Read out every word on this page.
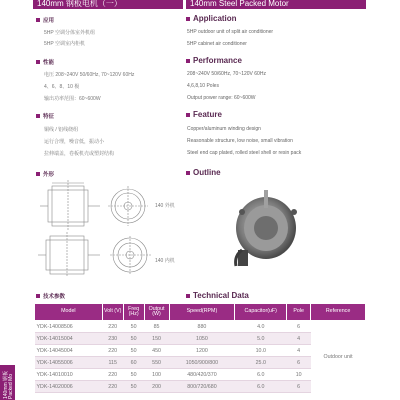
140mm 钢板电机（一）	140mm Steel Packed Motor
应用	Application
5HP 空调分体室外机组
5HP 空调室内柜机
5HP outdoor unit of split air conditioner
5HP cabinet air conditioner
性能	Performance
电压 208~240V 50/60Hz, 70~120V 60Hz
4、6、8、10 极
输出功率范围：60~600W
208~240V 50/60Hz, 70~120V 60Hz
4,6,8,10 Poles
Output power range: 60~600W
特征	Feature
铜线 / 铝线绕组
运行合理，噪音低，振动小
拉伸端盖，卷板机壳或塑封结构
Copper/aluminum winding design
Reasonable structure, low noise, small vibration
Steel end cap plated, rolled steel shell or resin pack
外形	Outline
140 外机
140 内机
技术参数	Technical Data
Model	Volt (V)	Freq (Hz)	Output (W)	Speed(RPM)	Capacitor(uF)	Pole	Reference
YDK-14008506	220	50	85	880	4.0	6	Outdoor unit
YDK-14015004	230	50	150	1050	5.0	4	
YDK-14045004	220	50	450	1200	10.0	4	
YDK-14055006	115	60	550	1050/900/800	25.0	6	
YDK-14010010	220	50	100	480/420/370	6.0	10	
YDK-14020006	220	50	200	800/720/680	6.0	6	
140mm 钢板 Packed Mo
